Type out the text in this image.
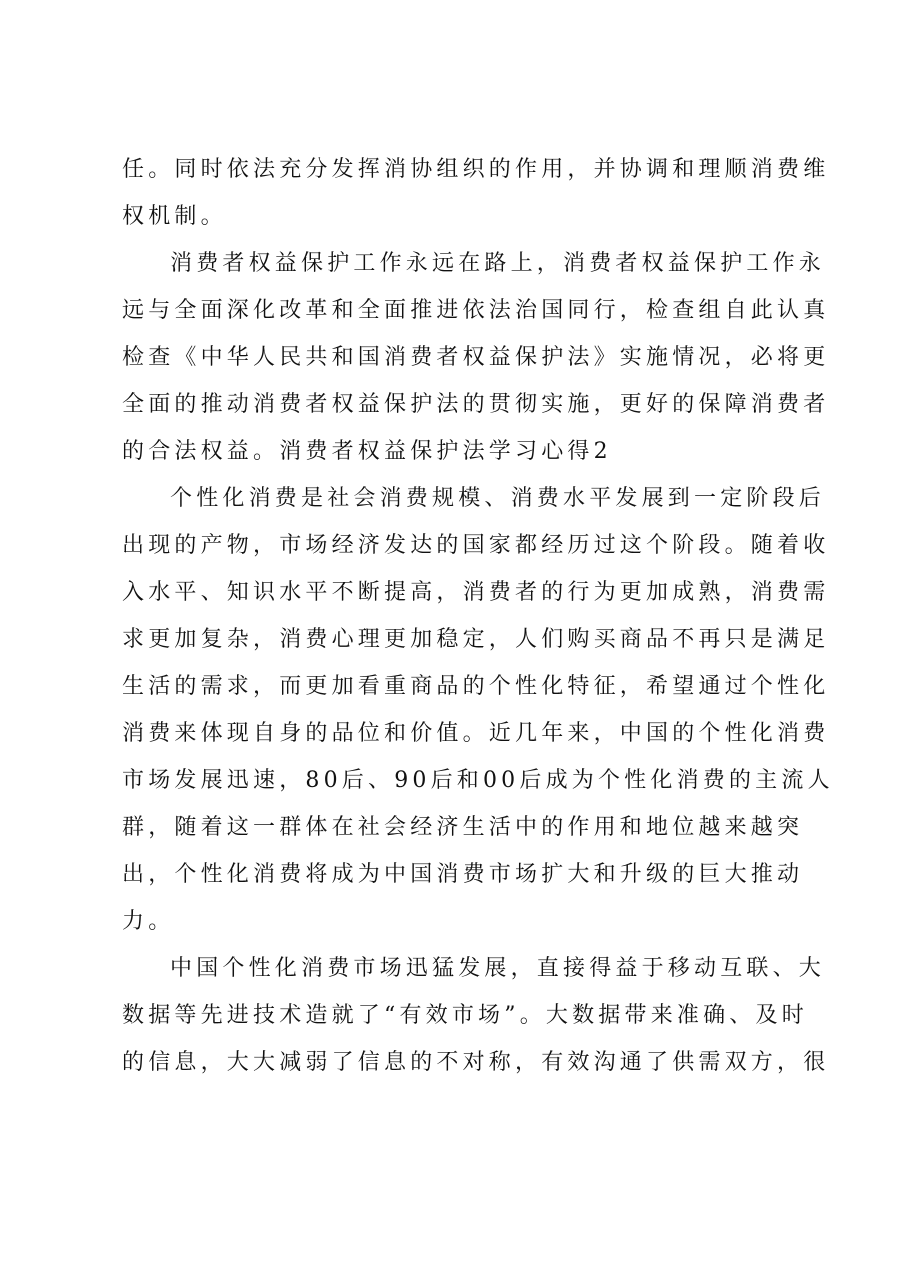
任。同时依法充分发挥消协组织的作用，并协调和理顺消费维
权机制。
消费者权益保护工作永远在路上，消费者权益保护工作永
远与全面深化改革和全面推进依法治国同行，检查组自此认真
检查《中华人民共和国消费者权益保护法》实施情况，必将更
全面的推动消费者权益保护法的贯彻实施，更好的保障消费者
的合法权益。消费者权益保护法学习心得2
个性化消费是社会消费规模、消费水平发展到一定阶段后
出现的产物，市场经济发达的国家都经历过这个阶段。随着收
入水平、知识水平不断提高，消费者的行为更加成熟，消费需
求更加复杂，消费心理更加稳定，人们购买商品不再只是满足
生活的需求，而更加看重商品的个性化特征，希望通过个性化
消费来体现自身的品位和价值。近几年来，中国的个性化消费
市场发展迅速，80后、90后和00后成为个性化消费的主流人
群，随着这一群体在社会经济生活中的作用和地位越来越突
出，个性化消费将成为中国消费市场扩大和升级的巨大推动
力。
中国个性化消费市场迅猛发展，直接得益于移动互联、大
数据等先进技术造就了“有效市场”。大数据带来准确、及时
的信息，大大减弱了信息的不对称，有效沟通了供需双方，很
